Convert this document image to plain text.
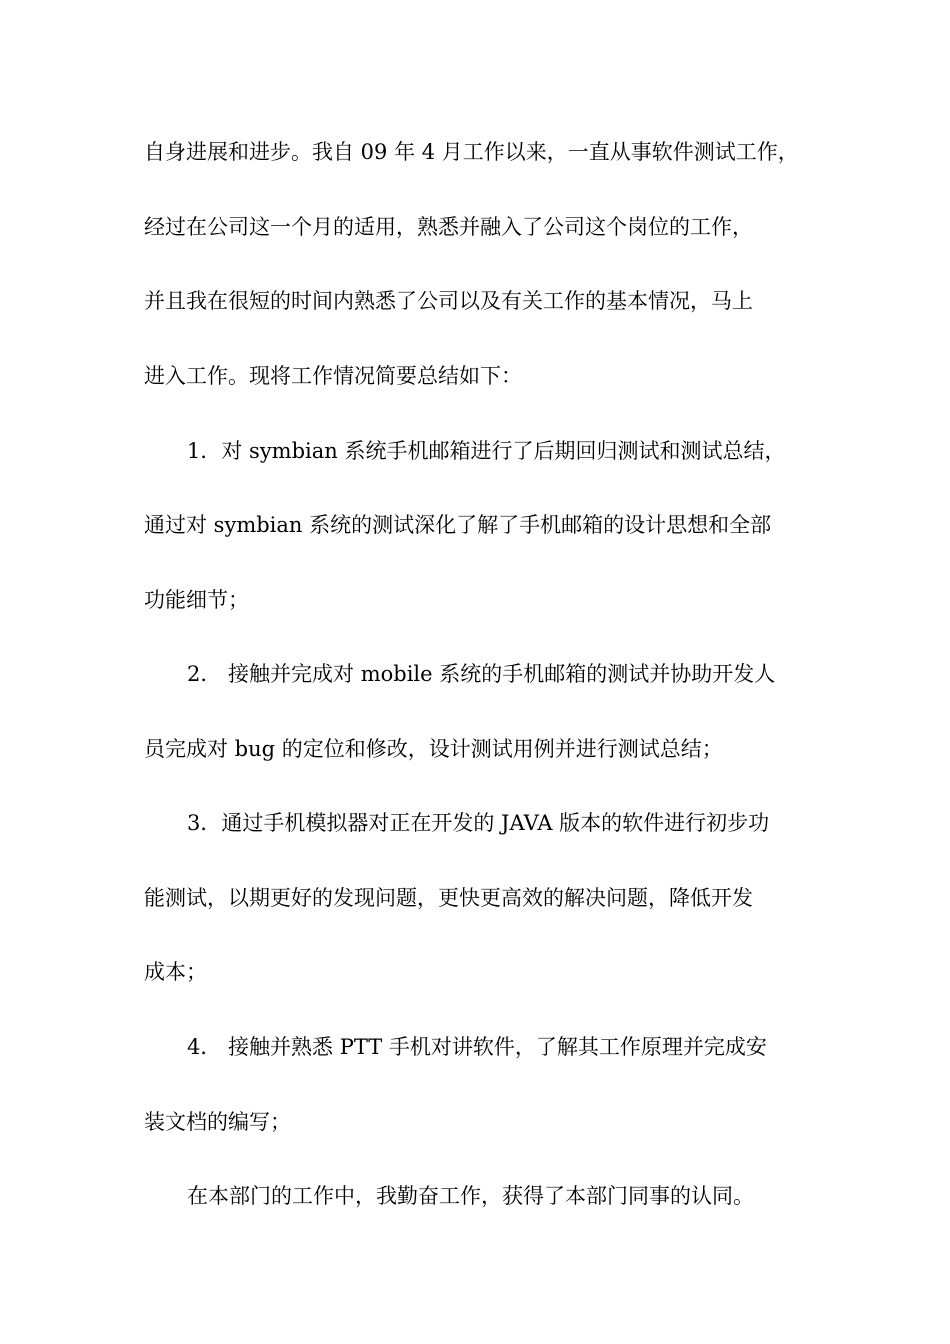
自身进展和进步。我自 09 年 4 月工作以来，一直从事软件测试工作，
经过在公司这一个月的适用，熟悉并融入了公司这个岗位的工作，
并且我在很短的时间内熟悉了公司以及有关工作的基本情况，马上
进入工作。现将工作情况简要总结如下：
1．对 symbian 系统手机邮箱进行了后期回归测试和测试总结，
通过对 symbian 系统的测试深化了解了手机邮箱的设计思想和全部
功能细节；
2． 接触并完成对 mobile 系统的手机邮箱的测试并协助开发人
员完成对 bug 的定位和修改，设计测试用例并进行测试总结；
3．通过手机模拟器对正在开发的 JAVA 版本的软件进行初步功
能测试，以期更好的发现问题，更快更高效的解决问题，降低开发
成本；
4． 接触并熟悉 PTT 手机对讲软件，了解其工作原理并完成安
装文档的编写；
在本部门的工作中，我勤奋工作，获得了本部门同事的认同。
